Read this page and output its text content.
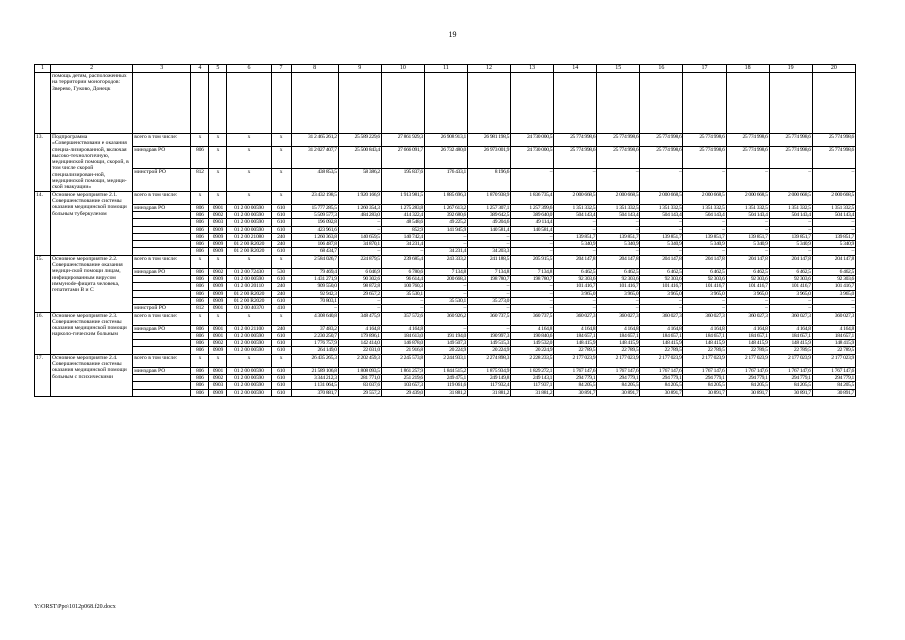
19
1	2	3	4	5	6	7	8	9	10	11	12	13	14	15	16	17	18	19	20
	помощь детям, расположенных на территории моногородов: Зверево, Гуково, Донецк																		
13.	Подпрограмма «Совершенствовани е оказания специа-лизированной, включая высоко-технологичную, медицинской помощи, скорой, в том числе скорой специализирован-ной, медицинской помощи, медици-ской эвакуации»	всего в том числе:	х	х	х	х	31 2 465 261,2	25 589 229,6	27 861 929,3	26 908 913,1	26 981 198,5	24 730 000,5	25 774 998,6	25 774 998,6	25 774 998,6	25 774 998,6	25 774 998,6	25 774 998,6	25 774 998,6
		минздрав РО	806	х	х	х	31 2 027 407,7	25 500 843,4	27 666 091,7	26 732 480,0	26 973 001,9	24 730 000,5	25 774 998,6	25 774 998,6	25 774 998,6	25 774 998,6	25 774 998,6	25 774 998,6	25 774 998,6
		минстрой РО	812	х	х	х	438 853,5	58 386,2	195 837,6	176 433,1	8 196,6	–	–	–	–	–	–	–	–
14.	Основное мероприятие 2.1. Совершенствование системы оказания медицинской помощи больным туберкулезом	всего в том числе:	х	х	х	х	23 432 198,5	1 920 166,9	1 913 981,5	1 885 696,3	1 870 938,9	1 836 735,4	2 000 668,5	2 000 668,5	2 000 668,5	2 000 668,5	2 000 668,5	2 000 668,5	2 000 668,5
		минздрав РО	806	0901	01 2 00 00590	610	15 777 285,5	1 260 354,3	1 275 283,8	1 267 613,2	1 257 307,1	1 257 399,6	1 351 332,5	1 351 332,5	1 351 332,5	1 351 332,5	1 351 332,5	1 351 332,5	1 351 332,5
			806	0902	01 2 00 00590	610	5 509 577,3	484 283,0	414 322,4	392 680,6	389 642,5	389 640,0	504 143,4	504 143,4	504 143,4	504 143,4	504 143,4	504 143,4	504 143,4
			806	0903	01 2 00 00590	610	196 092,8	–	48 548,6	49 225,2	49 204,6	49 114,4	–	–	–	–	–	–	–
			806	0909	01 2 00 00590	610	423 961,6	–	852,9	141 945,9	140 581,4	140 581,4	–	–	–	–	–	–	–
			806	0909	01 2 00 21080	240	1 260 363,8	140 659,5	140 742,4	–	–	–	139 851,7	139 851,7	139 851,7	139 851,7	139 851,7	139 851,7	139 851,7
			806	0909	01 2 00 R2020	240	106 487,8	34 870,1	34 231,4	–	–	–	5 340,9	5 340,9	5 340,9	5 340,9	5 340,9	5 340,9	5 340,9
			806	0909	01 2 00 R2020	610	68 434,7	–	–	34 231,4	34 203,3	–	–	–	–	–	–	–	–
15.	Основное мероприятие 2.2. Совершенствование оказания медици-ской помощи лицам, инфицированным вирусом иммунode-фицита человека, гепатитами В и С	всего в том числе:	х	х	х	х	2 584 026,7	224 879,5	239 685,4	243 333,2	241 188,5	205 915,5	204 147,8	204 147,8	204 147,8	204 147,8	204 147,8	204 147,8	204 147,8
		минздрав РО	806	0902	01 2 00 72430	530	79 469,4	6 046,9	6 780,6	7 134,8	7 134,8	7 134,8	6 462,5	6 462,5	6 462,5	6 462,5	6 462,5	6 462,5	6 462,5
			806	0909	01 2 00 00590	610	1 431 271,9	90 302,6	96 614,4	200 668,3	198 780,7	198 780,7	92 303,6	92 303,6	92 303,6	92 303,6	92 303,6	92 303,6	92 303,6
			806	0909	01 2 00 20110	240	909 550,0	98 872,8	100 760,3	–	–	–	101 416,7	101 416,7	101 416,7	101 416,7	101 416,7	101 416,7	101 416,7
			806	0909	01 2 00 R2020	240	92 942,3	29 657,2	35 530,1	–	–	–	3 965,0	3 965,0	3 965,0	3 965,0	3 965,0	3 965,0	3 965,0
			806	0909	01 2 00 R2020	610	70 803,1	–	–	35 530,1	35 273,0	–	–	–	–	–	–	–	–
		минстрой РО	812	0901	01 2 00 40370	410	–	–	–	–	–	–	–	–	–	–	–	–	–
16.	Основное мероприятие 2.3. Совершенствование системы оказания медицинской помощи нарколо-гическим больным	всего в том числе:	х	х	х	х	4 308 640,8	348 475,9	357 572,6	360 926,2	360 737,5	360 737,5	360 027,3	360 027,3	360 027,3	360 027,3	360 027,3	360 027,3	360 027,3
		минздрав РО	806	0901	01 2 00 21100	240	37 483,2	4 164,8	4 164,8	–	–	4 164,8	4 164,8	4 164,8	4 164,8	4 164,8	4 164,8	4 164,8	4 164,8
			806	0901	01 2 00 00590	610	2 230 250,7	179 896,1	184 613,0	191 194,0	190 997,3	190 840,6	184 657,1	184 657,1	184 657,1	184 657,1	184 657,1	184 657,1	184 657,1
			806	0902	01 2 00 00590	610	1 776 757,9	142 414,0	146 878,0	149 507,3	149 515,3	149 532,0	148 415,9	148 415,9	148 415,9	148 415,9	148 415,9	148 415,9	148 415,9
			806	0909	01 2 00 00590	610	264 149,0	22 031,0	21 916,8	20 224,9	20 224,9	20 224,9	22 789,5	22 789,5	22 789,5	22 789,5	22 789,5	22 789,5	22 789,5
17.	Основное мероприятие 2.4. Совершенствование системы оказания медицинской помощи больным с психическими	всего в том числе:	х	х	х	х	26 435 265,3	2 202 459,3	2 245 573,8	2 244 933,1	2 274 898,3	2 228 233,5	2 177 023,9	2 177 023,9	2 177 023,9	2 177 023,9	2 177 023,9	2 177 023,9	2 177 023,9
		минздрав РО	806	0901	01 2 00 00590	610	21 589 106,8	1 808 093,5	1 861 257,9	1 844 515,2	1 875 934,9	1 829 272,1	1 767 147,6	1 767 147,6	1 767 147,6	1 767 147,6	1 767 147,6	1 767 147,6	1 767 147,6
			806	0902	01 2 00 00590	610	3 344 212,3	281 771,0	251 219,6	249 475,1	249 149,8	249 143,1	294 779,1	294 779,1	294 779,1	294 779,1	294 779,1	294 779,1	294 779,1
			806	0903	01 2 00 00590	610	1 131 064,5	83 037,6	103 657,3	119 061,6	117 932,4	117 937,1	84 205,5	84 205,5	84 205,5	84 205,5	84 205,5	84 205,5	84 205,5
			806	0909	01 2 00 00590	610	370 881,7	29 557,2	29 439,0	31 881,2	31 881,2	31 881,2	30 891,7	30 891,7	30 891,7	30 891,7	30 891,7	30 891,7	30 891,7
Y:\ORST\Ppo\1012p068.f20.docx
